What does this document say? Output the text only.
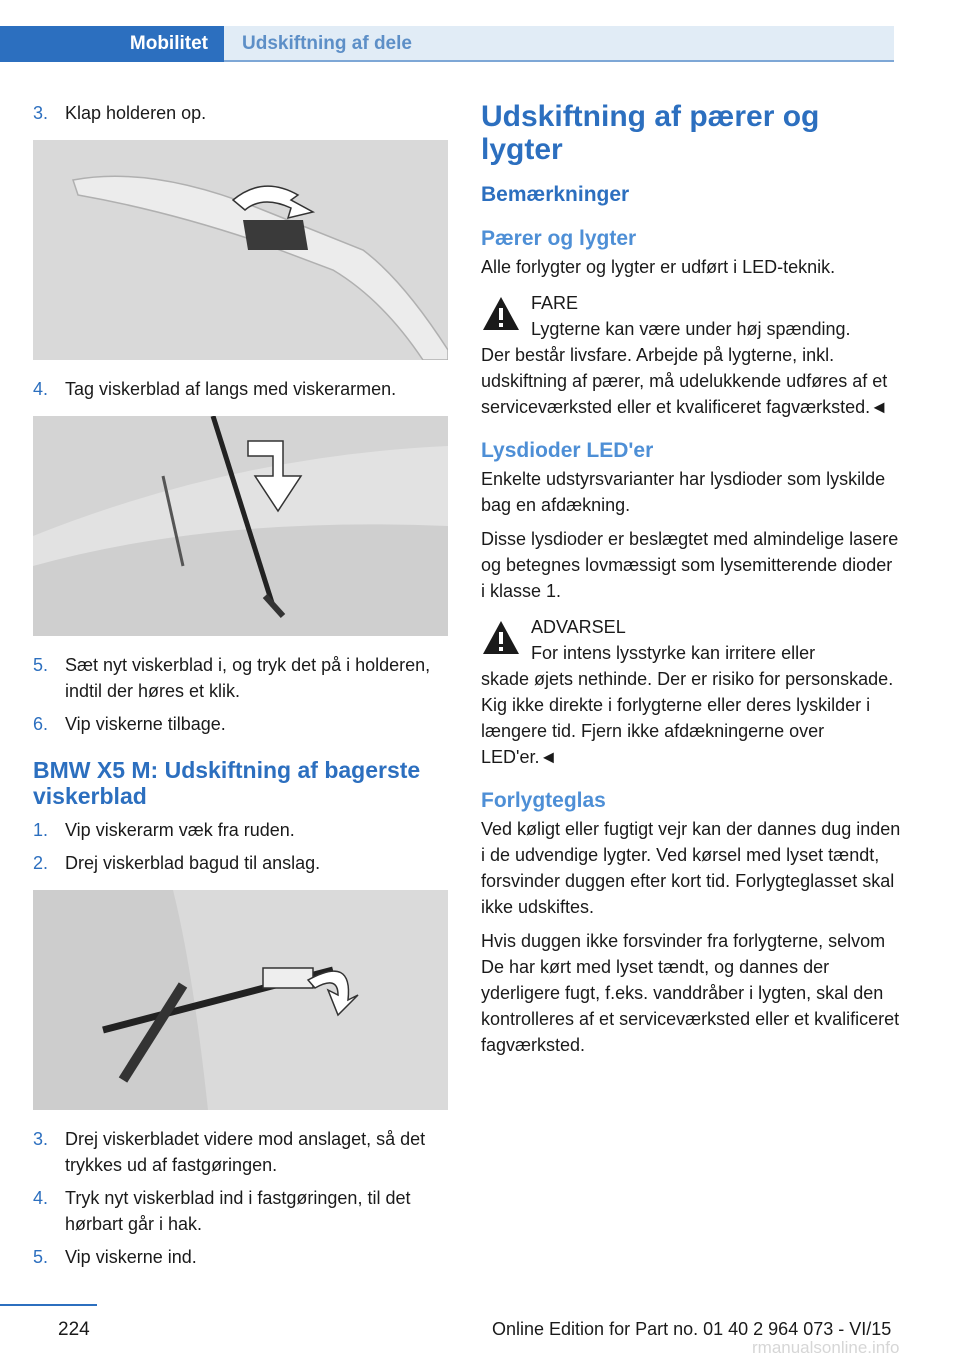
Mobilitet Udskiftning af dele
3. Klap holderen op.
4. Tag viskerblad af langs med viskerarmen.
5. Sæt nyt viskerblad i, og tryk det på i holderen, indtil der høres et klik.
6. Vip viskerne tilbage.
BMW X5 M: Udskiftning af bagerste viskerblad
1. Vip viskerarm væk fra ruden.
2. Drej viskerblad bagud til anslag.
3. Drej viskerbladet videre mod anslaget, så det trykkes ud af fastgøringen.
4. Tryk nyt viskerblad ind i fastgøringen, til det hørbart går i hak.
5. Vip viskerne ind.
Udskiftning af pærer og lygter
Bemærkninger
Pærer og lygter

Alle forlygter og lygter er udført i LED-teknik.

FARE
Lygterne kan være under høj spænding.
Der består livsfare. Arbejde på lygterne, inkl. udskiftning af pærer, må udelukkende udføres af et serviceværksted eller et kvalificeret fagværksted.◄
Lysdioder LED'er

Enkelte udstyrsvarianter har lysdioder som lyskilde bag en afdækning.

Disse lysdioder er beslægtet med almindelige lasere og betegnes lovmæssigt som lysemitterende dioder i klasse 1.

ADVARSEL
For intens lysstyrke kan irritere eller
skade øjets nethinde. Der er risiko for personskade. Kig ikke direkte i forlygterne eller deres lyskilder i længere tid. Fjern ikke afdækningerne over LED'er.◄
Forlygteglas

Ved køligt eller fugtigt vejr kan der dannes dug inden i de udvendige lygter. Ved kørsel med lyset tændt, forsvinder duggen efter kort tid. Forlygteglasset skal ikke udskiftes.

Hvis duggen ikke forsvinder fra forlygterne, selvom De har kørt med lyset tændt, og dannes der yderligere fugt, f.eks. vanddråber i lygten, skal den kontrolleres af et serviceværksted eller et kvalificeret fagværksted.

224	Online Edition for Part no. 01 40 2 964 073 - VI/15
rmanualsonline.info
